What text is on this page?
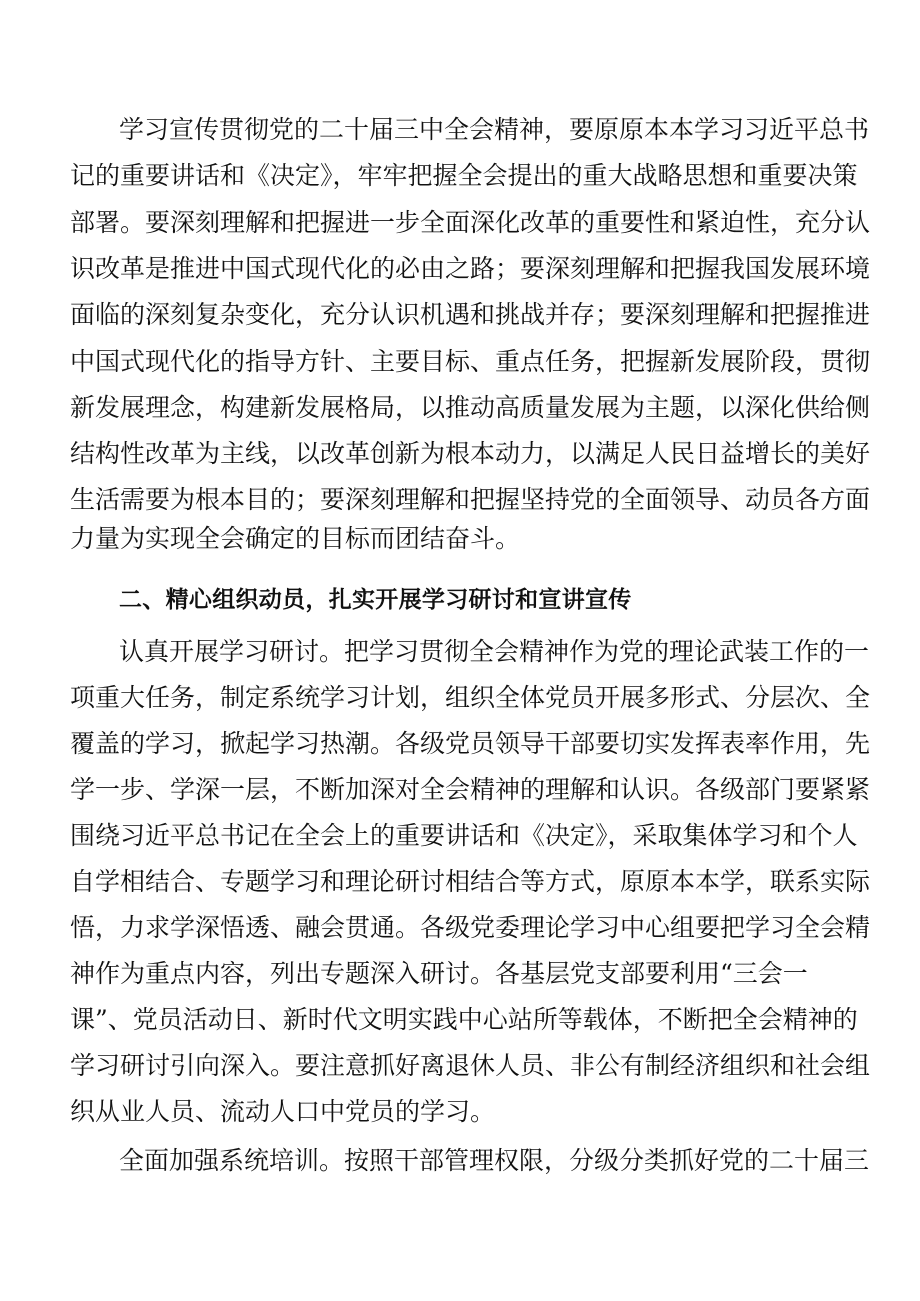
学习宣传贯彻党的二十届三中全会精神，要原原本本学习习近平总书

记的重要讲话和《决定》，牢牢把握全会提出的重大战略思想和重要决策

部署。要深刻理解和把握进一步全面深化改革的重要性和紧迫性，充分认

识改革是推进中国式现代化的必由之路；要深刻理解和把握我国发展环境

面临的深刻复杂变化，充分认识机遇和挑战并存；要深刻理解和把握推进

中国式现代化的指导方针、主要目标、重点任务，把握新发展阶段，贯彻

新发展理念，构建新发展格局，以推动高质量发展为主题，以深化供给侧

结构性改革为主线，以改革创新为根本动力，以满足人民日益增长的美好

生活需要为根本目的；要深刻理解和把握坚持党的全面领导、动员各方面

力量为实现全会确定的目标而团结奋斗。

二、精心组织动员，扎实开展学习研讨和宣讲宣传

认真开展学习研讨。把学习贯彻全会精神作为党的理论武装工作的一

项重大任务，制定系统学习计划，组织全体党员开展多形式、分层次、全

覆盖的学习，掀起学习热潮。各级党员领导干部要切实发挥表率作用，先

学一步、学深一层，不断加深对全会精神的理解和认识。各级部门要紧紧

围绕习近平总书记在全会上的重要讲话和《决定》，采取集体学习和个人

自学相结合、专题学习和理论研讨相结合等方式，原原本本学，联系实际

悟，力求学深悟透、融会贯通。各级党委理论学习中心组要把学习全会精

神作为重点内容，列出专题深入研讨。各基层党支部要利用“三会一

课”、党员活动日、新时代文明实践中心站所等载体，不断把全会精神的

学习研讨引向深入。要注意抓好离退休人员、非公有制经济组织和社会组

织从业人员、流动人口中党员的学习。

全面加强系统培训。按照干部管理权限，分级分类抓好党的二十届三
